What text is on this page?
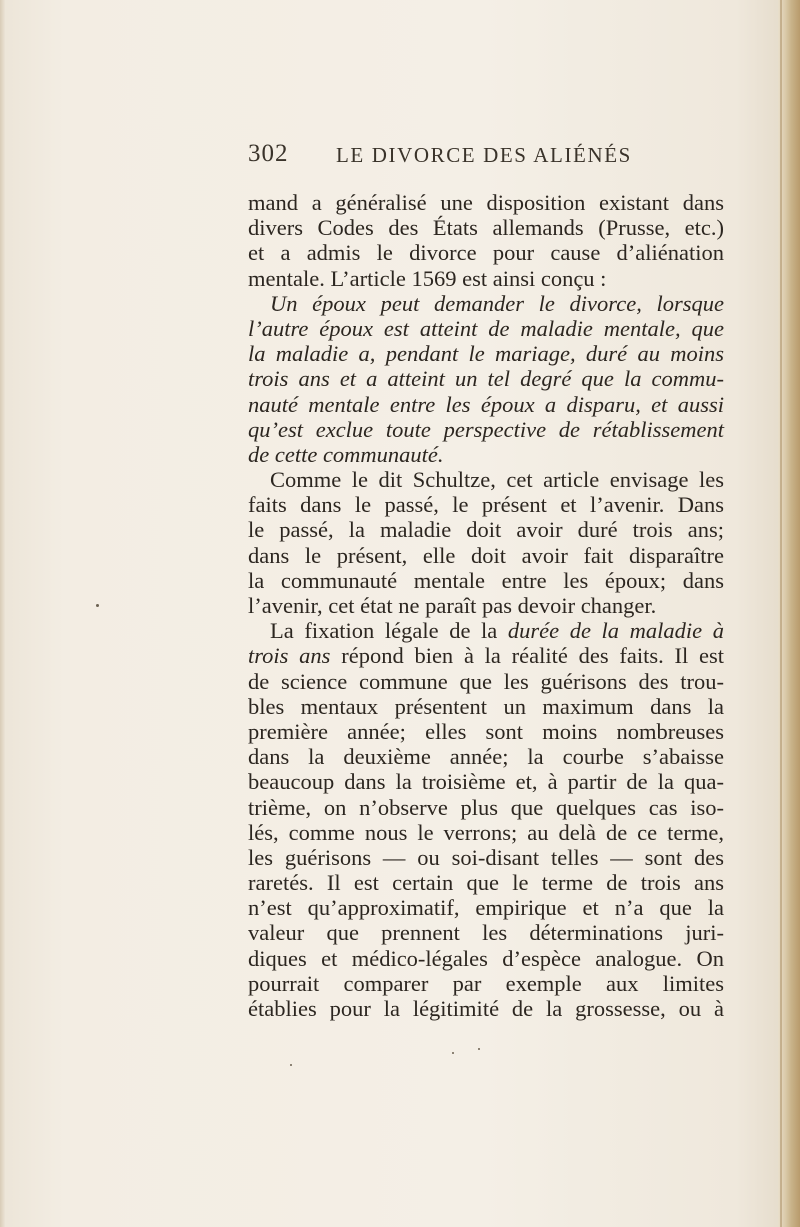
302 LE DIVORCE DES ALIÉNÉS
mand a généralisé une disposition existant dans
divers Codes des États allemands (Prusse, etc.)
et a admis le divorce pour cause d’aliénation
mentale. L’article 1569 est ainsi conçu :
Un époux peut demander le divorce, lorsque
l’autre époux est atteint de maladie mentale, que
la maladie a, pendant le mariage, duré au moins
trois ans et a atteint un tel degré que la commu-
nauté mentale entre les époux a disparu, et aussi
qu’est exclue toute perspective de rétablissement
de cette communauté.
Comme le dit Schultze, cet article envisage les
faits dans le passé, le présent et l’avenir. Dans
le passé, la maladie doit avoir duré trois ans;
dans le présent, elle doit avoir fait disparaître
la communauté mentale entre les époux; dans
l’avenir, cet état ne paraît pas devoir changer.
La fixation légale de la durée de la maladie à
trois ans répond bien à la réalité des faits. Il est
de science commune que les guérisons des trou-
bles mentaux présentent un maximum dans la
première année; elles sont moins nombreuses
dans la deuxième année; la courbe s’abaisse
beaucoup dans la troisième et, à partir de la qua-
trième, on n’observe plus que quelques cas iso-
lés, comme nous le verrons; au delà de ce terme,
les guérisons — ou soi-disant telles — sont des
raretés. Il est certain que le terme de trois ans
n’est qu’approximatif, empirique et n’a que la
valeur que prennent les déterminations juri-
diques et médico-légales d’espèce analogue. On
pourrait comparer par exemple aux limites
établies pour la légitimité de la grossesse, ou à
